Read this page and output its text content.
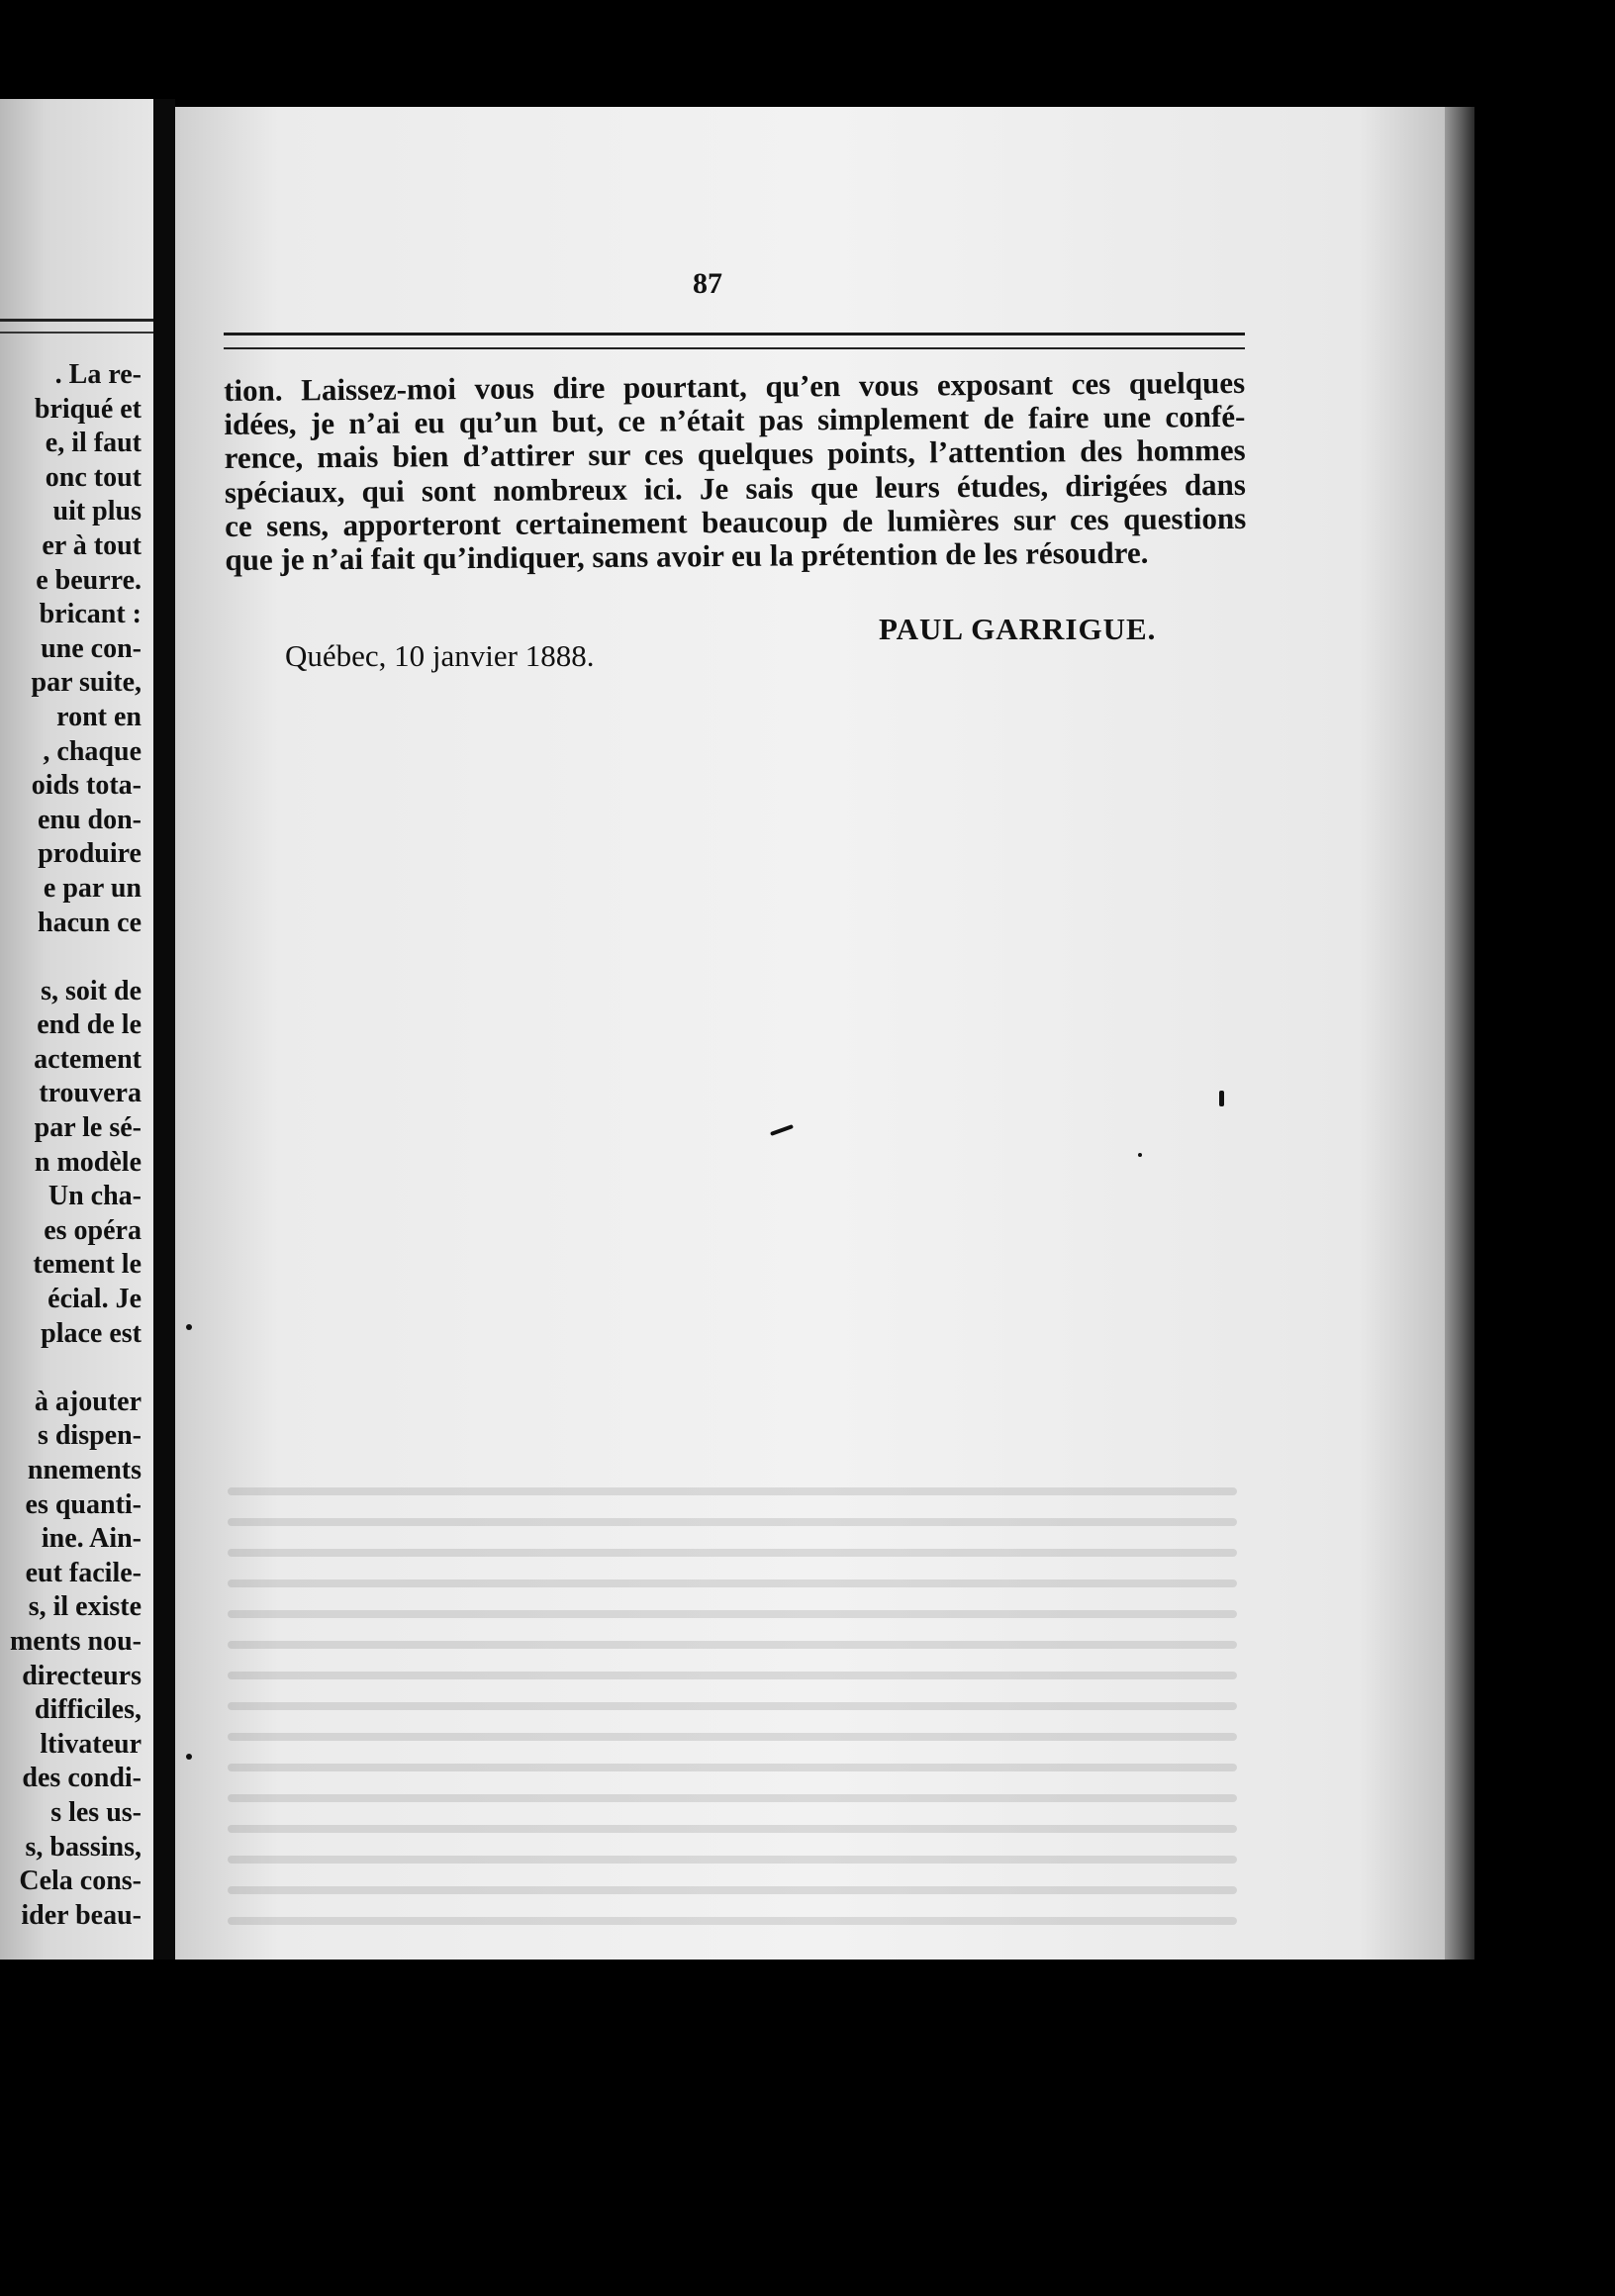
. La re-
briqué et
e, il faut
onc tout
uit plus
er à tout
e beurre.
bricant :
une con-
par suite,
ront en
, chaque
oids tota-
enu don-
produire
e par un
hacun ce

s, soit de
end de le
actement
trouvera
par le sé-
n modèle
Un cha-
es opéra
tement le
écial. Je
place est

à ajouter
s dispen-
nnements
es quanti-
ine. Ain-
eut facile-
s, il existe
ments nou-
directeurs
difficiles,
ltivateur
des condi-
s les us-
s, bassins,
Cela cons-
ider beau-

87
tion. Laissez-moi vous dire pourtant, qu’en vous exposant ces quelques
idées, je n’ai eu qu’un but, ce n’était pas simplement de faire une confé-
rence, mais bien d’attirer sur ces quelques points, l’attention des hommes
spéciaux, qui sont nombreux ici. Je sais que leurs études, dirigées dans
ce sens, apporteront certainement beaucoup de lumières sur ces questions
que je n’ai fait qu’indiquer, sans avoir eu la prétention de les résoudre.
PAUL GARRIGUE.
Québec, 10 janvier 1888.
